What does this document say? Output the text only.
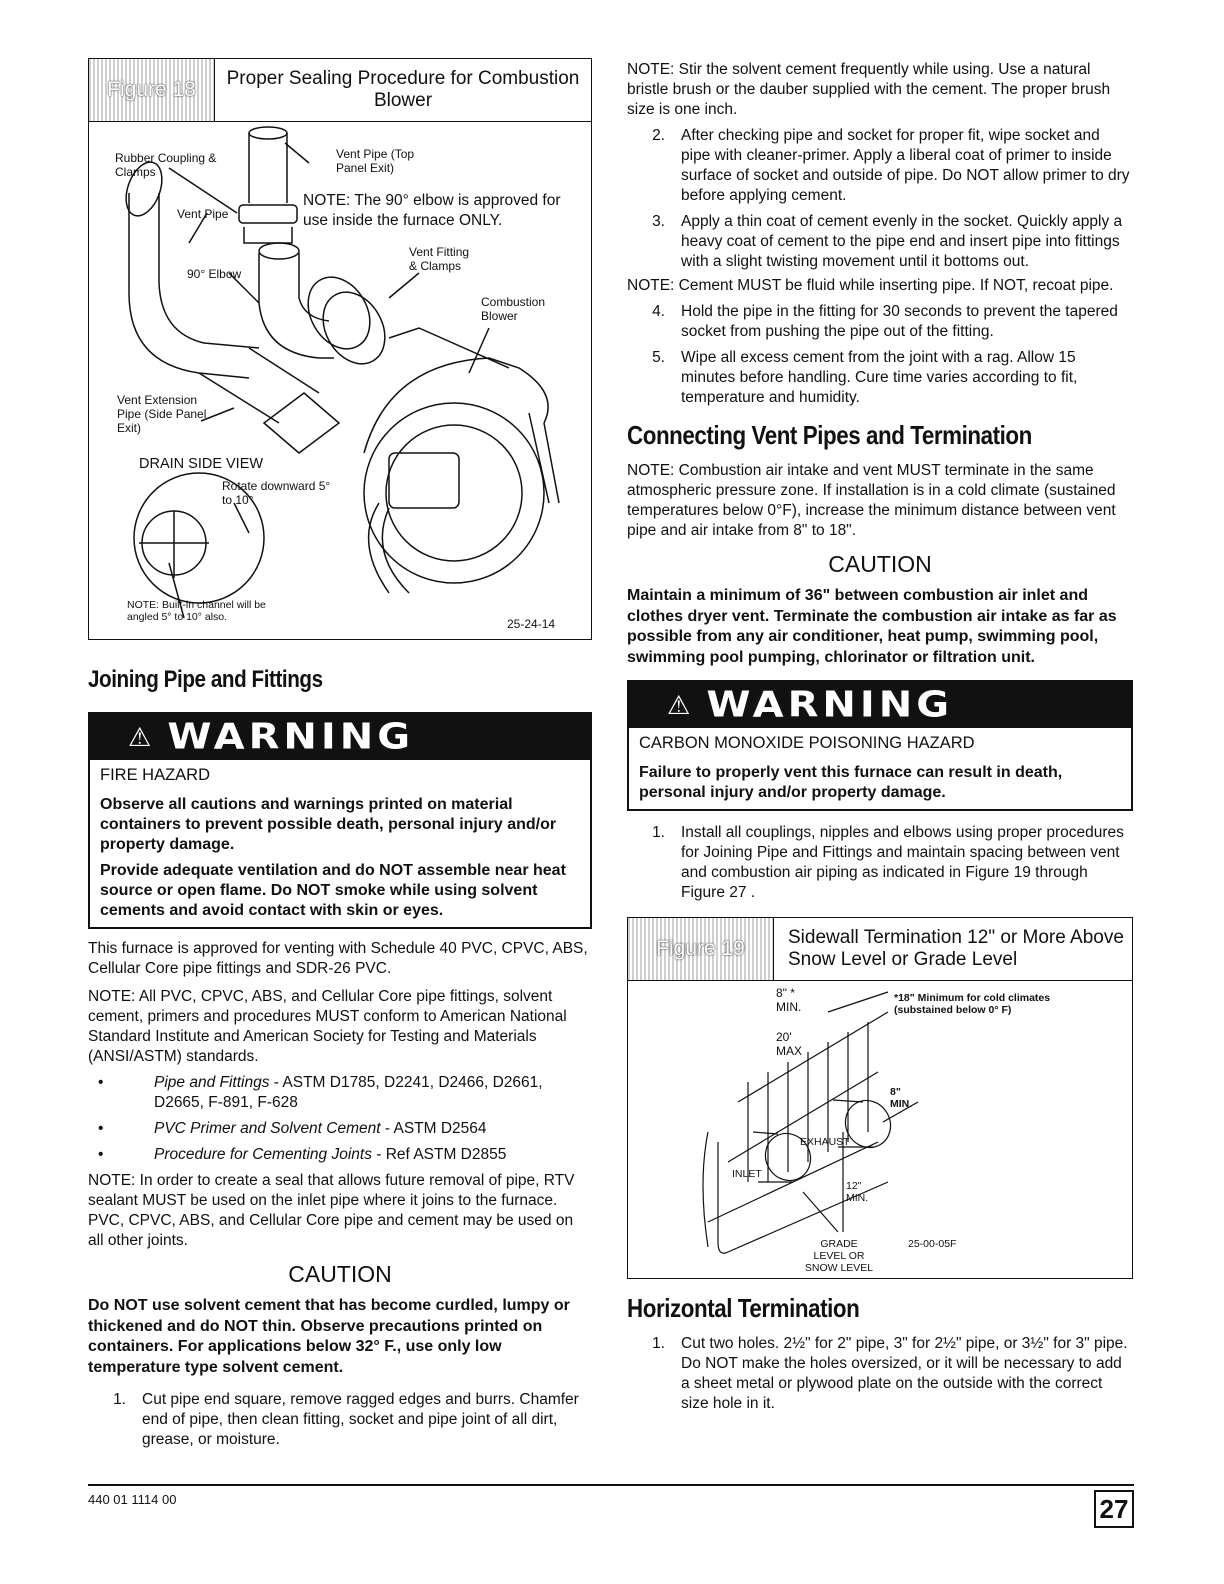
Figure 18	Proper Sealing Procedure for Combustion Blower
Rubber Coupling & Clamps
Vent Pipe (Top Panel Exit)
Vent Pipe
NOTE: The 90° elbow is approved for use inside the furnace ONLY.
90° Elbow
Vent Fitting & Clamps
Combustion Blower
Vent Extension Pipe (Side Panel Exit)
DRAIN SIDE VIEW
Rotate downward 5° to 10°
NOTE: Built-in channel will be angled 5° to 10° also.	25-24-14
Joining Pipe and Fittings
⚠ WARNING

FIRE HAZARD

Observe all cautions and warnings printed on material containers to prevent possible death, personal injury and/or property damage.

Provide adequate ventilation and do NOT assemble near heat source or open flame. Do NOT smoke while using solvent cements and avoid contact with skin or eyes.

This furnace is approved for venting with Schedule 40 PVC, CPVC, ABS, Cellular Core pipe fittings and SDR-26 PVC.

NOTE: All PVC, CPVC, ABS, and Cellular Core pipe fittings, solvent cement, primers and procedures MUST conform to American National Standard Institute and American Society for Testing and Materials (ANSI/ASTM) standards.

•	Pipe and Fittings - ASTM D1785, D2241, D2466, D2661, D2665, F-891, F-628
•	PVC Primer and Solvent Cement - ASTM D2564
•	Procedure for Cementing Joints - Ref ASTM D2855

NOTE: In order to create a seal that allows future removal of pipe, RTV sealant MUST be used on the inlet pipe where it joins to the furnace. PVC, CPVC, ABS, and Cellular Core pipe and cement may be used on all other joints.

CAUTION

Do NOT use solvent cement that has become curdled, lumpy or thickened and do NOT thin. Observe precautions printed on containers. For applications below 32° F., use only low temperature type solvent cement.

1.	Cut pipe end square, remove ragged edges and burrs. Chamfer end of pipe, then clean fitting, socket and pipe joint of all dirt, grease, or moisture.

NOTE: Stir the solvent cement frequently while using. Use a natural bristle brush or the dauber supplied with the cement. The proper brush size is one inch.

2.	After checking pipe and socket for proper fit, wipe socket and pipe with cleaner-primer. Apply a liberal coat of primer to inside surface of socket and outside of pipe. Do NOT allow primer to dry before applying cement.
3.	Apply a thin coat of cement evenly in the socket. Quickly apply a heavy coat of cement to the pipe end and insert pipe into fittings with a slight twisting movement until it bottoms out.

NOTE: Cement MUST be fluid while inserting pipe. If NOT, recoat pipe.

4.	Hold the pipe in the fitting for 30 seconds to prevent the tapered socket from pushing the pipe out of the fitting.
5.	Wipe all excess cement from the joint with a rag. Allow 15 minutes before handling. Cure time varies according to fit, temperature and humidity.
Connecting Vent Pipes and Termination

NOTE: Combustion air intake and vent MUST terminate in the same atmospheric pressure zone. If installation is in a cold climate (sustained temperatures below 0°F), increase the minimum distance between vent pipe and air intake from 8" to 18".

CAUTION

Maintain a minimum of 36" between combustion air inlet and clothes dryer vent. Terminate the combustion air intake as far as possible from any air conditioner, heat pump, swimming pool, swimming pool pumping, chlorinator or filtration unit.

⚠ WARNING

CARBON MONOXIDE POISONING HAZARD

Failure to properly vent this furnace can result in death, personal injury and/or property damage.

1.	Install all couplings, nipples and elbows using proper procedures for Joining Pipe and Fittings and maintain spacing between vent and combustion air piping as indicated in Figure 19 through Figure 27 .
Figure 19	Sidewall Termination 12" or More Above Snow Level or Grade Level
8" * MIN.
20' MAX
*18" Minimum for cold climates (substained below 0° F)
8" MIN.
EXHAUST
INLET
12" MIN.
GRADE LEVEL OR SNOW LEVEL
25-00-05F
Horizontal Termination
1.	Cut two holes. 2½" for 2" pipe, 3" for 2½" pipe, or 3½" for 3" pipe. Do NOT make the holes oversized, or it will be necessary to add a sheet metal or plywood plate on the outside with the correct size hole in it.
440 01 1114 00	27
